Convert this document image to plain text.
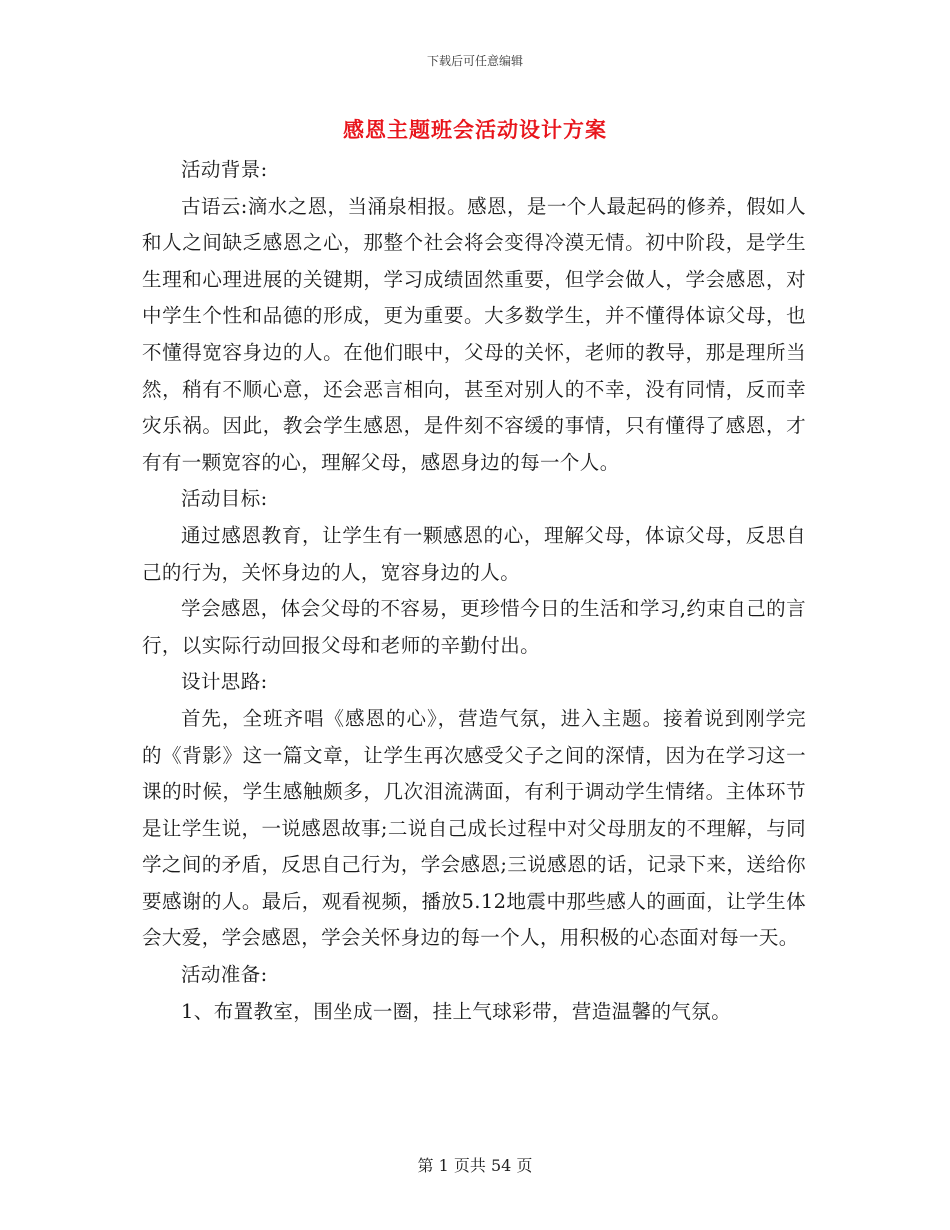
下载后可任意编辑
感恩主题班会活动设计方案
活动背景:
古语云:滴水之恩，当涌泉相报。感恩，是一个人最起码的修养，假如人和人之间缺乏感恩之心，那整个社会将会变得冷漠无情。初中阶段，是学生生理和心理进展的关键期，学习成绩固然重要，但学会做人，学会感恩，对中学生个性和品德的形成，更为重要。大多数学生，并不懂得体谅父母，也不懂得宽容身边的人。在他们眼中，父母的关怀，老师的教导，那是理所当然，稍有不顺心意，还会恶言相向，甚至对别人的不幸，没有同情，反而幸灾乐祸。因此，教会学生感恩，是件刻不容缓的事情，只有懂得了感恩，才有有一颗宽容的心，理解父母，感恩身边的每一个人。
活动目标:
通过感恩教育，让学生有一颗感恩的心，理解父母，体谅父母，反思自己的行为，关怀身边的人，宽容身边的人。
学会感恩，体会父母的不容易，更珍惜今日的生活和学习,约束自己的言行，以实际行动回报父母和老师的辛勤付出。
设计思路:
首先，全班齐唱《感恩的心》，营造气氛，进入主题。接着说到刚学完的《背影》这一篇文章，让学生再次感受父子之间的深情，因为在学习这一课的时候，学生感触颇多，几次泪流满面，有利于调动学生情绪。主体环节是让学生说，一说感恩故事;二说自己成长过程中对父母朋友的不理解，与同学之间的矛盾，反思自己行为，学会感恩;三说感恩的话，记录下来，送给你要感谢的人。最后，观看视频，播放5.12地震中那些感人的画面，让学生体会大爱，学会感恩，学会关怀身边的每一个人，用积极的心态面对每一天。
活动准备:
1、布置教室，围坐成一圈，挂上气球彩带，营造温馨的气氛。
第 1 页共 54 页
